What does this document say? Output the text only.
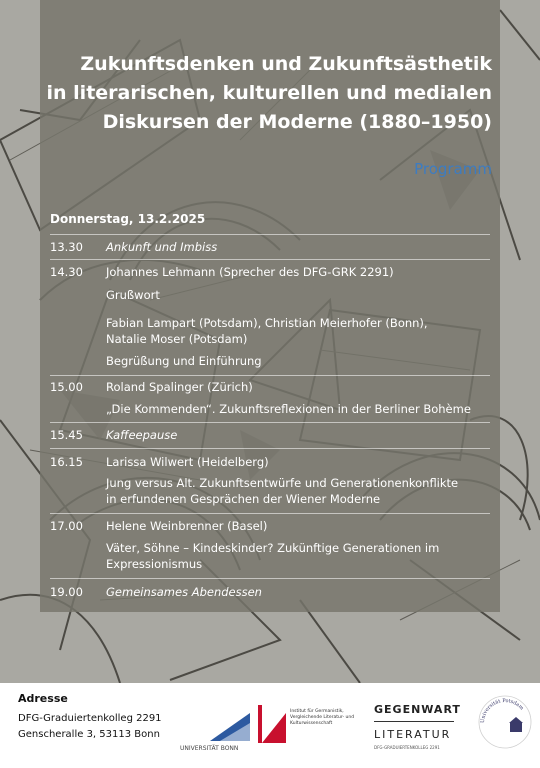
Zukunftsdenken und Zukunftsästhetik
in literarischen, kulturellen und medialen
Diskursen der Moderne (1880–1950)
Programm
Donnerstag, 13.2.2025
13.30	Ankunft und Imbiss
14.30	Johannes Lehmann (Sprecher des DFG-GRK 2291)
Grußwort
Fabian Lampart (Potsdam), Christian Meierhofer (Bonn),
Natalie Moser (Potsdam)
Begrüßung und Einführung
15.00	Roland Spalinger (Zürich)
„Die Kommenden“. Zukunftsreflexionen in der Berliner Bohème
15.45	Kaffeepause
16.15	Larissa Wilwert (Heidelberg)
Jung versus Alt. Zukunftsentwürfe und Generationenkonflikte
in erfundenen Gesprächen der Wiener Moderne
17.00	Helene Weinbrenner (Basel)
Väter, Söhne – Kindeskinder? Zukünftige Generationen im
Expressionismus
19.00	Gemeinsames Abendessen
Adresse
DFG-Graduiertenkolleg 2291
Genscheralle 3, 53113 Bonn
UNIVERSITÄT BONN
Institut für Germanistik,
Vergleichende Literatur- und
Kulturwissenschaft
GEGENWART
LITERATUR
DFG-GRADUIERTENKOLLEG 2291
Universität Potsdam
